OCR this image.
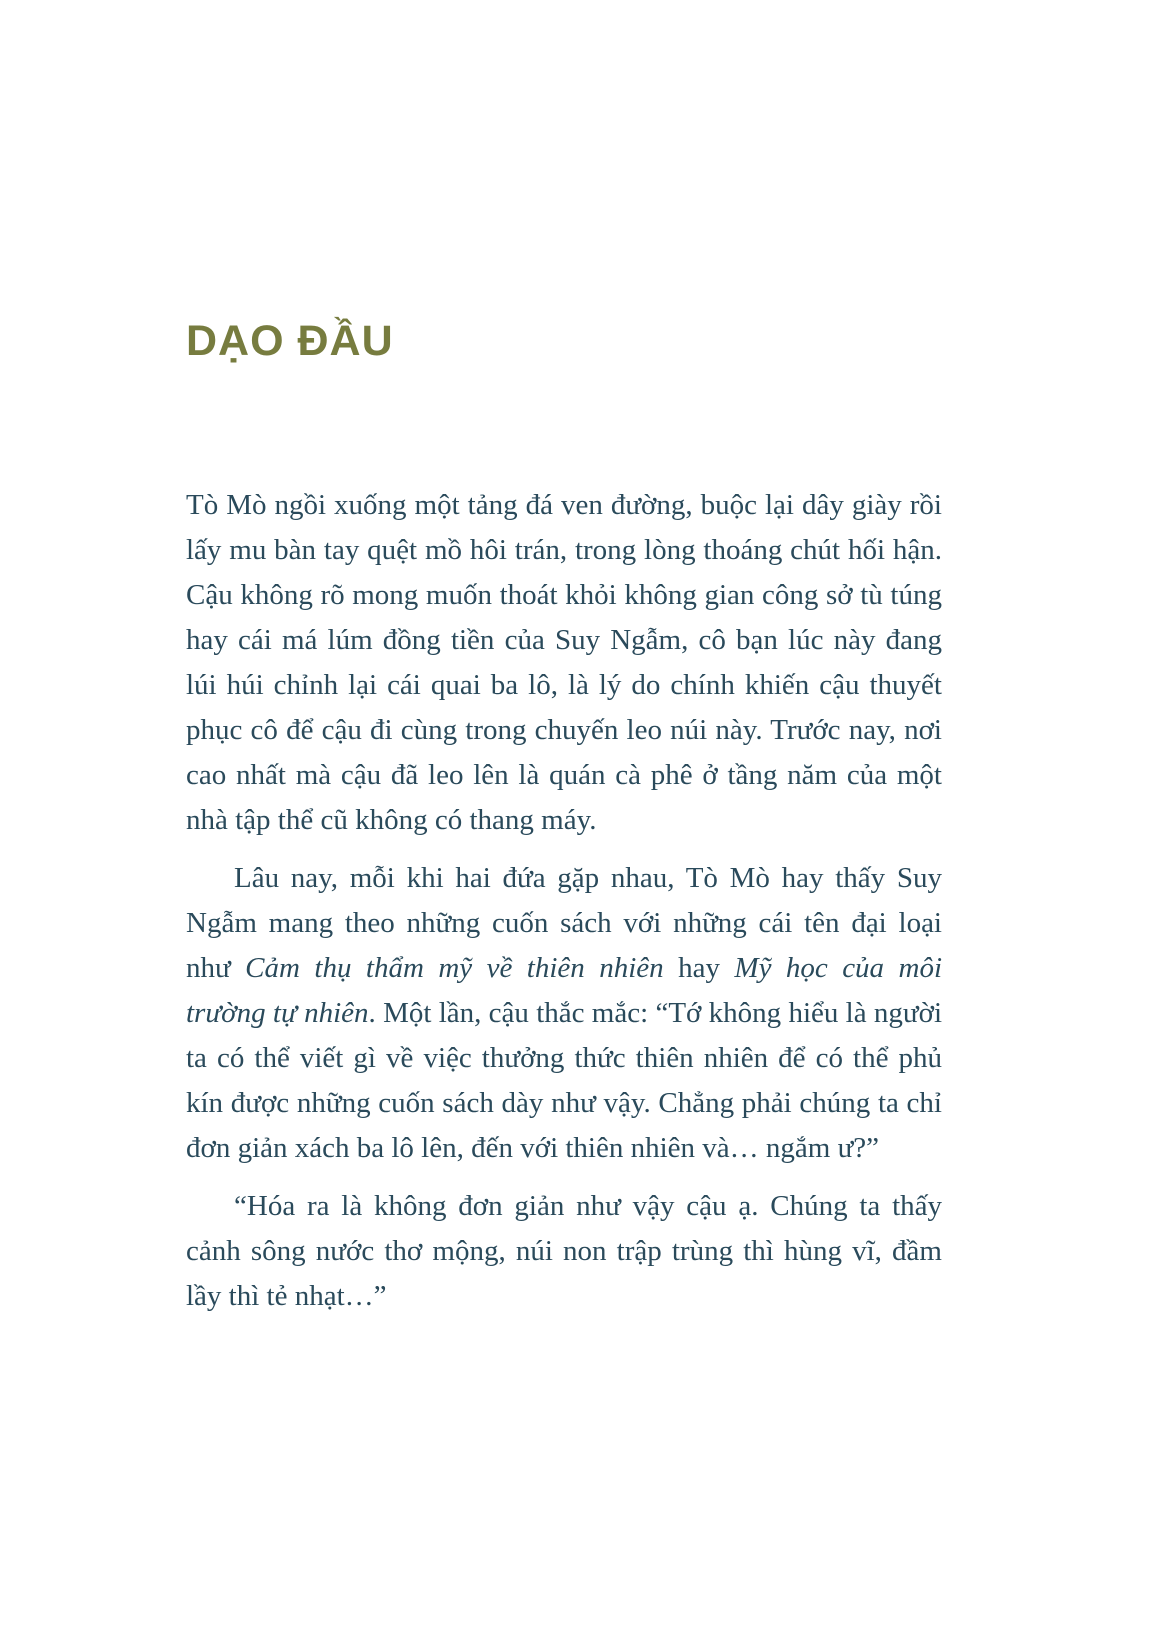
DẠO ĐẦU

Tò Mò ngồi xuống một tảng đá ven đường, buộc lại dây giày rồi lấy mu bàn tay quệt mồ hôi trán, trong lòng thoáng chút hối hận. Cậu không rõ mong muốn thoát khỏi không gian công sở tù túng hay cái má lúm đồng tiền của Suy Ngẫm, cô bạn lúc này đang lúi húi chỉnh lại cái quai ba lô, là lý do chính khiến cậu thuyết phục cô để cậu đi cùng trong chuyến leo núi này. Trước nay, nơi cao nhất mà cậu đã leo lên là quán cà phê ở tầng năm của một nhà tập thể cũ không có thang máy.

Lâu nay, mỗi khi hai đứa gặp nhau, Tò Mò hay thấy Suy Ngẫm mang theo những cuốn sách với những cái tên đại loại như Cảm thụ thẩm mỹ về thiên nhiên hay Mỹ học của môi trường tự nhiên. Một lần, cậu thắc mắc: “Tớ không hiểu là người ta có thể viết gì về việc thưởng thức thiên nhiên để có thể phủ kín được những cuốn sách dày như vậy. Chẳng phải chúng ta chỉ đơn giản xách ba lô lên, đến với thiên nhiên và… ngắm ư?”

“Hóa ra là không đơn giản như vậy cậu ạ. Chúng ta thấy cảnh sông nước thơ mộng, núi non trập trùng thì hùng vĩ, đầm lầy thì tẻ nhạt…”
